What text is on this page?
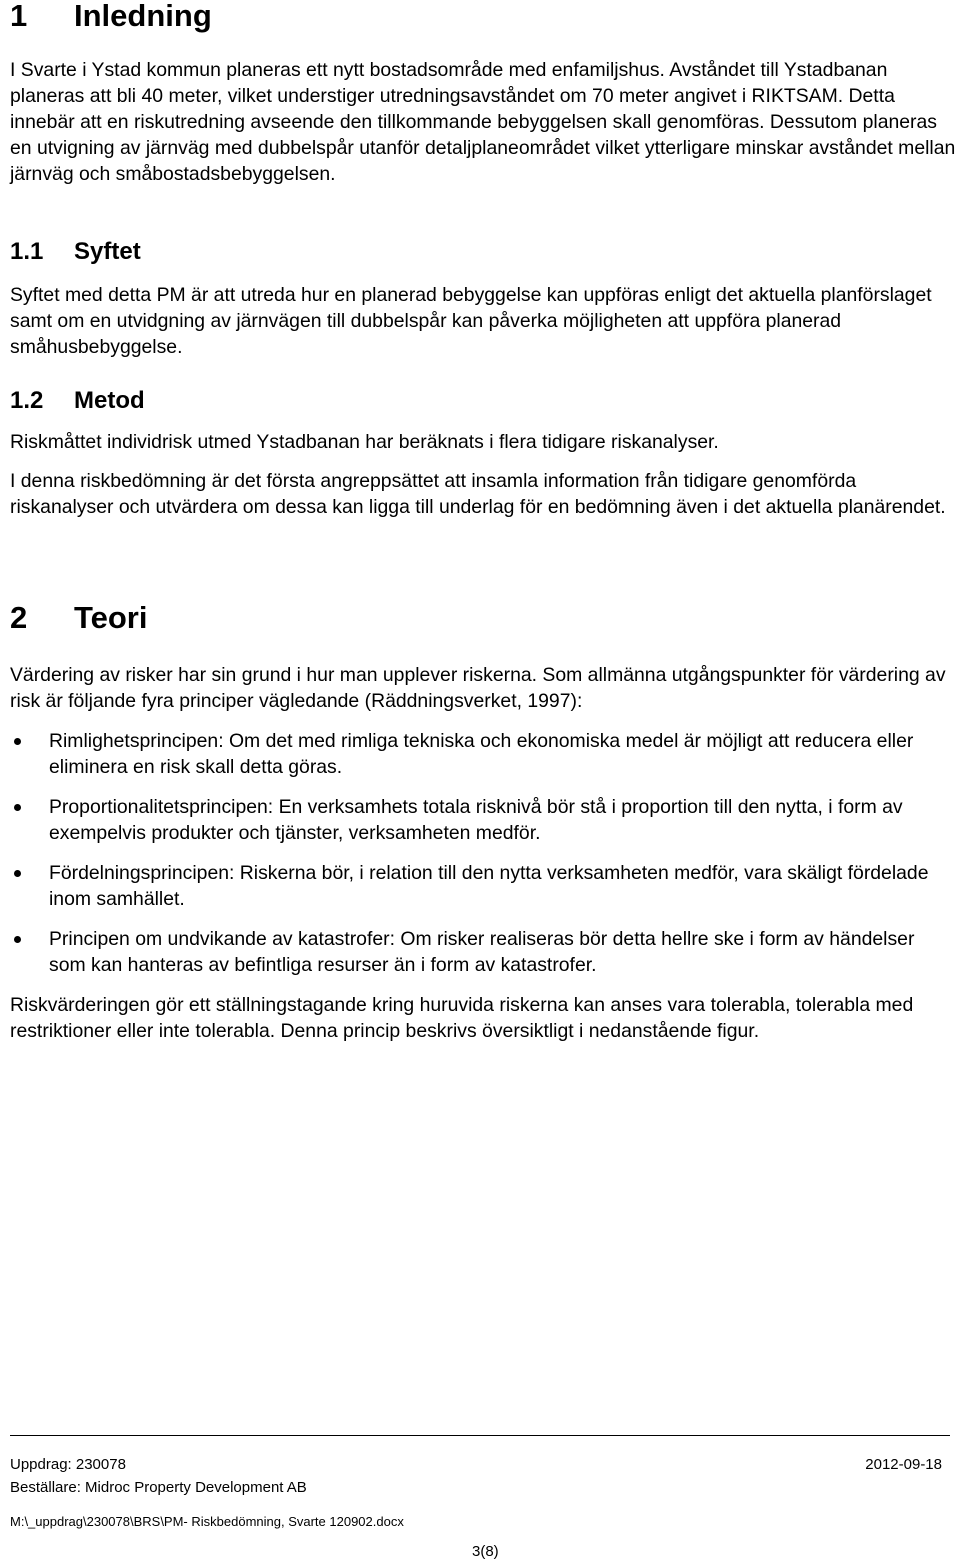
1 Inledning

I Svarte i Ystad kommun planeras ett nytt bostadsområde med enfamiljshus. Avståndet till Ystadbanan planeras att bli 40 meter, vilket understiger utredningsavståndet om 70 meter angivet i RIKTSAM. Detta innebär att en riskutredning avseende den tillkommande bebyggelsen skall genomföras. Dessutom planeras en utvigning av järnväg med dubbelspår utanför detaljplaneområdet vilket ytterligare minskar avståndet mellan järnväg och småbostadsbebyggelsen.

1.1 Syftet

Syftet med detta PM är att utreda hur en planerad bebyggelse kan uppföras enligt det aktuella planförslaget samt om en utvidgning av järnvägen till dubbelspår kan påverka möjligheten att uppföra planerad småhusbebyggelse.

1.2 Metod

Riskmåttet individrisk utmed Ystadbanan har beräknats i flera tidigare riskanalyser.

I denna riskbedömning är det första angreppsättet att insamla information från tidigare genomförda riskanalyser och utvärdera om dessa kan ligga till underlag för en bedömning även i det aktuella planärendet.

2 Teori

Värdering av risker har sin grund i hur man upplever riskerna. Som allmänna utgångspunkter för värdering av risk är följande fyra principer vägledande (Räddningsverket, 1997):

Rimlighetsprincipen: Om det med rimliga tekniska och ekonomiska medel är möjligt att reducera eller eliminera en risk skall detta göras.
Proportionalitetsprincipen: En verksamhets totala risknivå bör stå i proportion till den nytta, i form av exempelvis produkter och tjänster, verksamheten medför.
Fördelningsprincipen: Riskerna bör, i relation till den nytta verksamheten medför, vara skäligt fördelade inom samhället.
Principen om undvikande av katastrofer: Om risker realiseras bör detta hellre ske i form av händelser som kan hanteras av befintliga resurser än i form av katastrofer.

Riskvärderingen gör ett ställningstagande kring huruvida riskerna kan anses vara tolerabla, tolerabla med restriktioner eller inte tolerabla. Denna princip beskrivs översiktligt i nedanstående figur.

Uppdrag: 230078	2012-09-18
Beställare: Midroc Property Development AB
M:\_uppdrag\230078\BRS\PM- Riskbedömning, Svarte 120902.docx
3(8)
